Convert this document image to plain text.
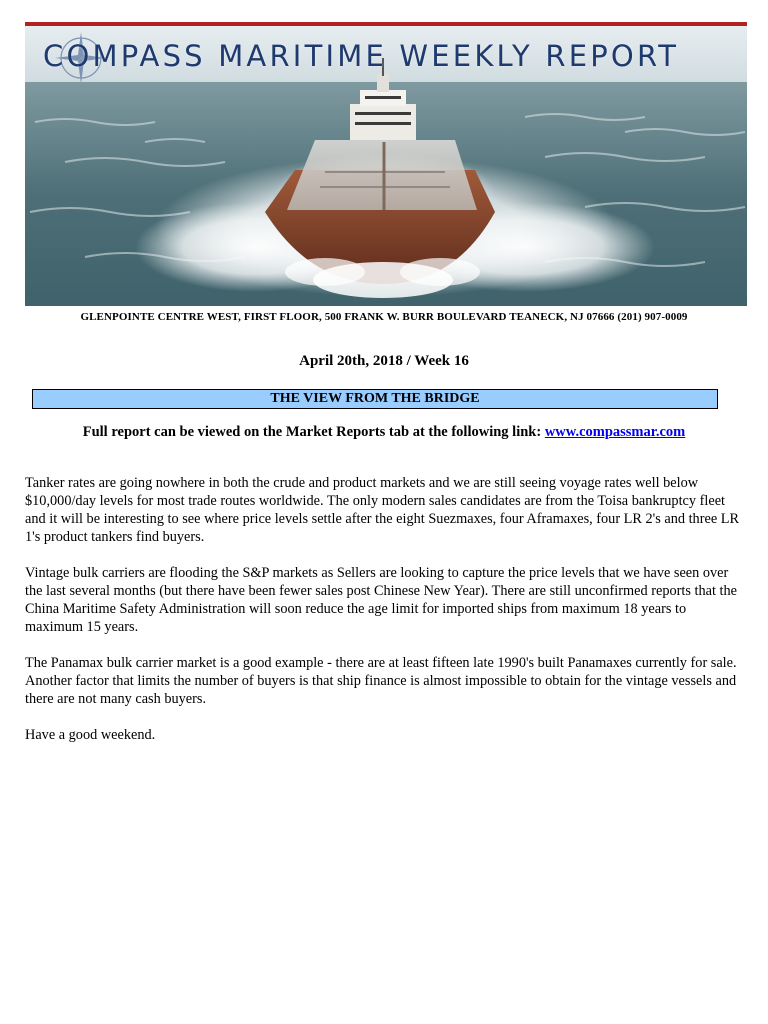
COMPASS MARITIME WEEKLY REPORT
GLENPOINTE CENTRE WEST, FIRST FLOOR, 500 FRANK W. BURR BOULEVARD TEANECK, NJ 07666 (201) 907-0009
April 20th, 2018 / Week 16
THE VIEW FROM THE BRIDGE
Full report can be viewed on the Market Reports tab at the following link: www.compassmar.com

Tanker rates are going nowhere in both the crude and product markets and we are still seeing voyage rates well below $10,000/day levels for most trade routes worldwide. The only modern sales candidates are from the Toisa bankruptcy fleet and it will be interesting to see where price levels settle after the eight Suezmaxes, four Aframaxes, four LR 2's and three LR 1's product tankers find buyers.

Vintage bulk carriers are flooding the S&P markets as Sellers are looking to capture the price levels that we have seen over the last several months (but there have been fewer sales post Chinese New Year). There are still unconfirmed reports that the China Maritime Safety Administration will soon reduce the age limit for imported ships from maximum 18 years to maximum 15 years.

The Panamax bulk carrier market is a good example - there are at least fifteen late 1990's built Panamaxes currently for sale. Another factor that limits the number of buyers is that ship finance is almost impossible to obtain for the vintage vessels and there are not many cash buyers.

Have a good weekend.
